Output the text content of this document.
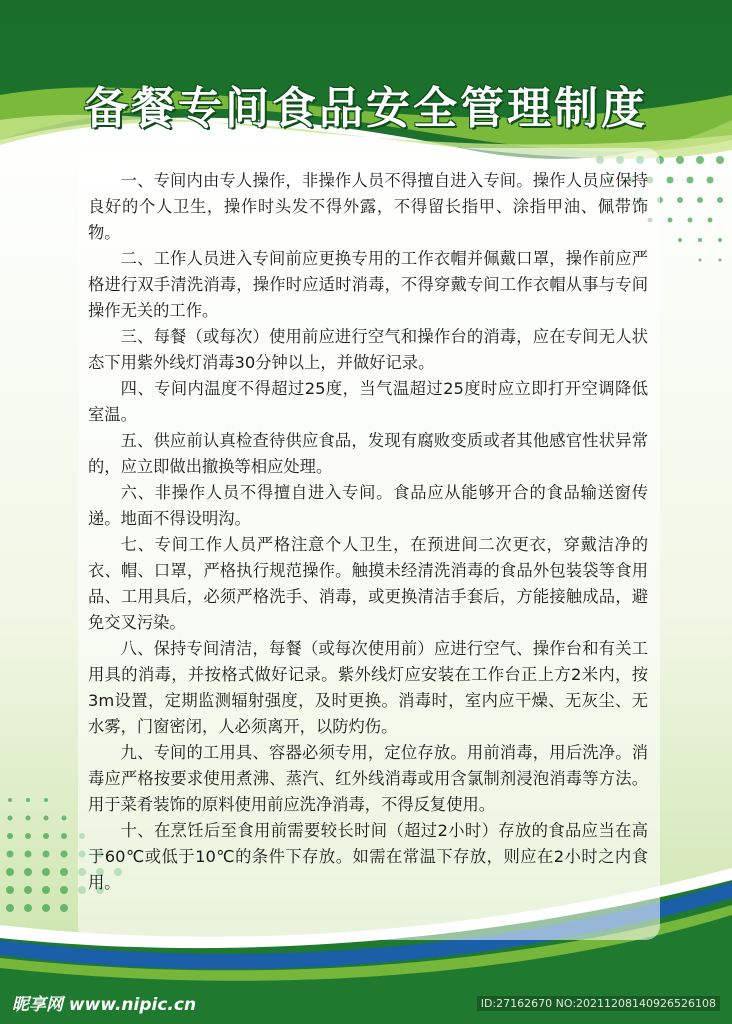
备餐专间食品安全管理制度

一、专间内由专人操作，非操作人员不得擅自进入专间。操作人员应保持良好的个人卫生，操作时头发不得外露，不得留长指甲、涂指甲油、佩带饰物。

二、工作人员进入专间前应更换专用的工作衣帽并佩戴口罩，操作前应严格进行双手清洗消毒，操作时应适时消毒，不得穿戴专间工作衣帽从事与专间操作无关的工作。

三、每餐（或每次）使用前应进行空气和操作台的消毒，应在专间无人状态下用紫外线灯消毒30分钟以上，并做好记录。

四、专间内温度不得超过25度，当气温超过25度时应立即打开空调降低室温。

五、供应前认真检查待供应食品，发现有腐败变质或者其他感官性状异常的，应立即做出撤换等相应处理。

六、非操作人员不得擅自进入专间。食品应从能够开合的食品输送窗传递。地面不得设明沟。

七、专间工作人员严格注意个人卫生，在预进间二次更衣，穿戴洁净的衣、帽、口罩，严格执行规范操作。触摸未经清洗消毒的食品外包装袋等食用品、工用具后，必须严格洗手、消毒，或更换清洁手套后，方能接触成品，避免交叉污染。

八、保持专间清洁，每餐（或每次使用前）应进行空气、操作台和有关工用具的消毒，并按格式做好记录。紫外线灯应安装在工作台正上方2米内，按3m设置，定期监测辐射强度，及时更换。消毒时，室内应干燥、无灰尘、无水雾，门窗密闭，人必须离开，以防灼伤。

九、专间的工用具、容器必须专用，定位存放。用前消毒，用后洗净。消毒应严格按要求使用煮沸、蒸汽、红外线消毒或用含氯制剂浸泡消毒等方法。用于菜肴装饰的原料使用前应洗净消毒，不得反复使用。

十、在烹饪后至食用前需要较长时间（超过2小时）存放的食品应当在高于60℃或低于10℃的条件下存放。如需在常温下存放，则应在2小时之内食用。

昵享网 www.nipic.cn	ID:27162670 NO:20211208140926526108
